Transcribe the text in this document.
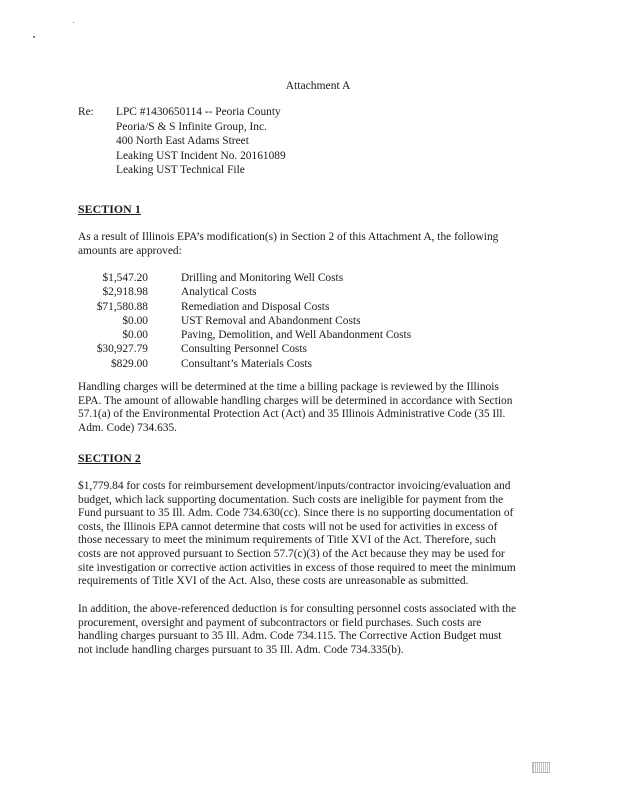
Attachment A
Re: LPC #1430650114 -- Peoria County
Peoria/S & S Infinite Group, Inc.
400 North East Adams Street
Leaking UST Incident No. 20161089
Leaking UST Technical File
SECTION 1
As a result of Illinois EPA’s modification(s) in Section 2 of this Attachment A, the following
amounts are approved:
$1,547.20	Drilling and Monitoring Well Costs
$2,918.98	Analytical Costs
$71,580.88	Remediation and Disposal Costs
$0.00	UST Removal and Abandonment Costs
$0.00	Paving, Demolition, and Well Abandonment Costs
$30,927.79	Consulting Personnel Costs
$829.00	Consultant’s Materials Costs
Handling charges will be determined at the time a billing package is reviewed by the Illinois
EPA. The amount of allowable handling charges will be determined in accordance with Section
57.1(a) of the Environmental Protection Act (Act) and 35 Illinois Administrative Code (35 Ill.
Adm. Code) 734.635.
SECTION 2
$1,779.84 for costs for reimbursement development/inputs/contractor invoicing/evaluation and
budget, which lack supporting documentation. Such costs are ineligible for payment from the
Fund pursuant to 35 Ill. Adm. Code 734.630(cc). Since there is no supporting documentation of
costs, the Illinois EPA cannot determine that costs will not be used for activities in excess of
those necessary to meet the minimum requirements of Title XVI of the Act. Therefore, such
costs are not approved pursuant to Section 57.7(c)(3) of the Act because they may be used for
site investigation or corrective action activities in excess of those required to meet the minimum
requirements of Title XVI of the Act. Also, these costs are unreasonable as submitted.
In addition, the above-referenced deduction is for consulting personnel costs associated with the
procurement, oversight and payment of subcontractors or field purchases. Such costs are
handling charges pursuant to 35 Ill. Adm. Code 734.115. The Corrective Action Budget must
not include handling charges pursuant to 35 Ill. Adm. Code 734.335(b).
